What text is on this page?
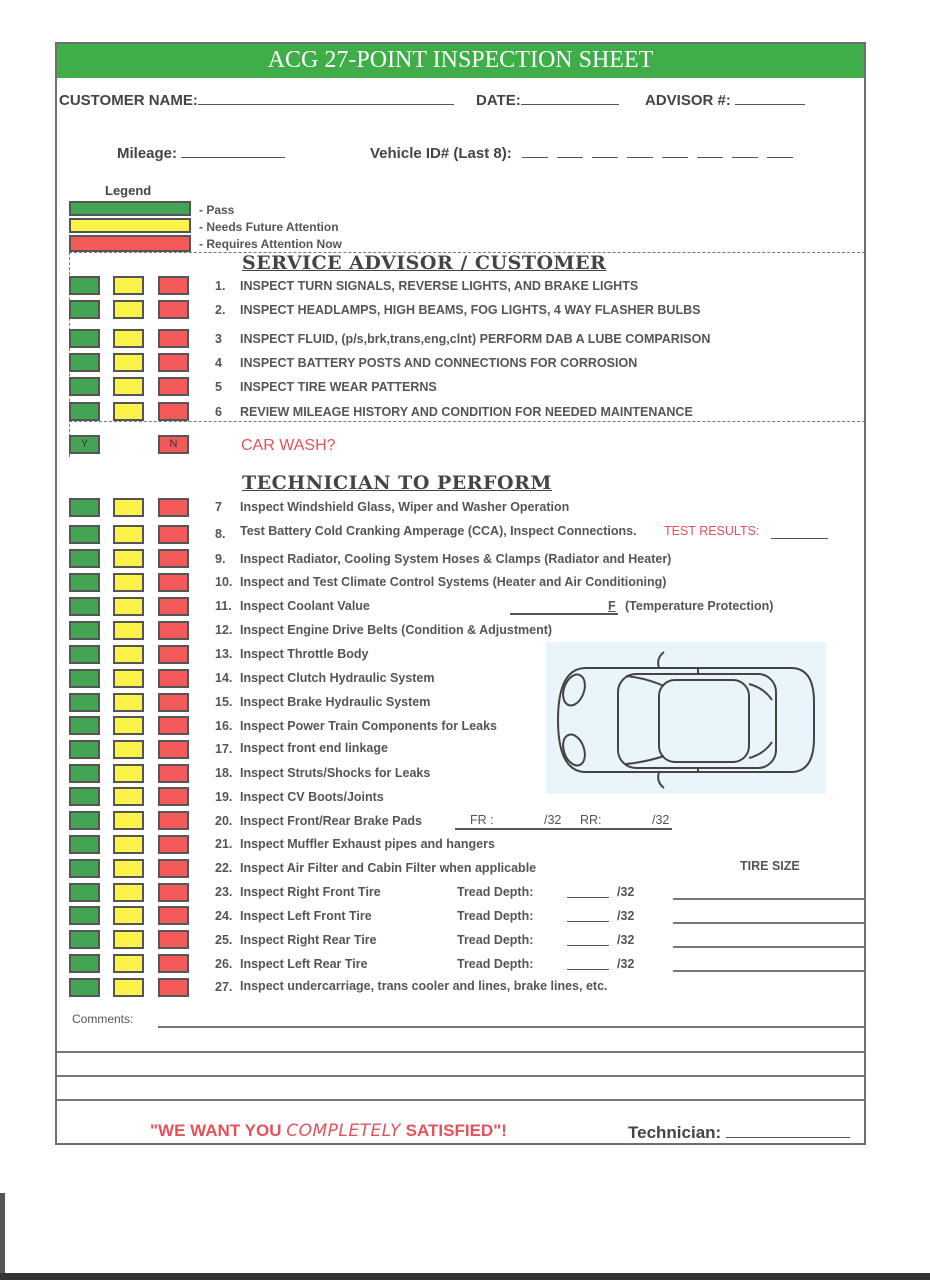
ACG 27-POINT INSPECTION SHEET
CUSTOMER NAME:	DATE:	ADVISOR #:
Mileage:	Vehicle ID# (Last 8):
Legend
- Pass
- Needs Future Attention
- Requires Attention Now
SERVICE ADVISOR / CUSTOMER
1. INSPECT TURN SIGNALS, REVERSE LIGHTS, AND BRAKE LIGHTS
2. INSPECT HEADLAMPS, HIGH BEAMS, FOG LIGHTS, 4 WAY FLASHER BULBS
3 INSPECT FLUID, (p/s,brk,trans,eng,clnt) PERFORM DAB A LUBE COMPARISON
4 INSPECT BATTERY POSTS AND CONNECTIONS FOR CORROSION
5 INSPECT TIRE WEAR PATTERNS
6 REVIEW MILEAGE HISTORY AND CONDITION FOR NEEDED MAINTENANCE
Y	N	CAR WASH?
TECHNICIAN TO PERFORM
7 Inspect Windshield Glass, Wiper and Washer Operation
8. Test Battery Cold Cranking Amperage (CCA), Inspect Connections. TEST RESULTS:
9. Inspect Radiator, Cooling System Hoses & Clamps (Radiator and Heater)
10. Inspect and Test Climate Control Systems (Heater and Air Conditioning)
11. Inspect Coolant Value	F (Temperature Protection)
12. Inspect Engine Drive Belts (Condition & Adjustment)
13. Inspect Throttle Body
14. Inspect Clutch Hydraulic System
15. Inspect Brake Hydraulic System
16. Inspect Power Train Components for Leaks
17. Inspect front end linkage
18. Inspect Struts/Shocks for Leaks
19. Inspect CV Boots/Joints
20. Inspect Front/Rear Brake Pads	FR :	/32 RR:	/32
21. Inspect Muffler Exhaust pipes and hangers
22. Inspect Air Filter and Cabin Filter when applicable	TIRE SIZE
23. Inspect Right Front Tire	Tread Depth:	/32
24. Inspect Left Front Tire	Tread Depth:	/32
25. Inspect Right Rear Tire	Tread Depth:	/32
26. Inspect Left Rear Tire	Tread Depth:	/32
27. Inspect undercarriage, trans cooler and lines, brake lines, etc.
Comments:
"WE WANT YOU COMPLETELY SATISFIED"!	Technician:
